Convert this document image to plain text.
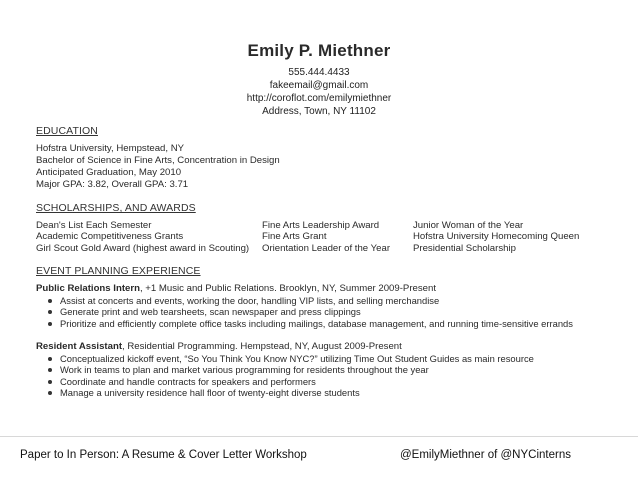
Emily P. Miethner
555.444.4433
fakeemail@gmail.com
http://coroflot.com/emilymiethner
Address, Town, NY 11102
EDUCATION
Hofstra University, Hempstead, NY
Bachelor of Science in Fine Arts, Concentration in Design
Anticipated Graduation, May 2010
Major GPA: 3.82, Overall GPA: 3.71
SCHOLARSHIPS, AND AWARDS
Dean's List Each Semester
Academic Competitiveness Grants
Girl Scout Gold Award (highest award in Scouting)
Fine Arts Leadership Award
Fine Arts Grant
Orientation Leader of the Year
Junior Woman of the Year
Hofstra University Homecoming Queen
Presidential Scholarship
EVENT PLANNING EXPERIENCE
Public Relations Intern, +1 Music and Public Relations. Brooklyn, NY, Summer 2009-Present
Assist at concerts and events, working the door, handling VIP lists, and selling merchandise
Generate print and web tearsheets, scan newspaper and press clippings
Prioritize and efficiently complete office tasks including mailings, database management, and running time-sensitive errands
Resident Assistant, Residential Programming. Hempstead, NY, August 2009-Present
Conceptualized kickoff event, “So You Think You Know NYC?” utilizing Time Out Student Guides as main resource
Work in teams to plan and market various programming for residents throughout the year
Coordinate and handle contracts for speakers and performers
Manage a university residence hall floor of twenty-eight diverse students
Paper to In Person: A Resume & Cover Letter Workshop	@EmilyMiethner of @NYCinterns
